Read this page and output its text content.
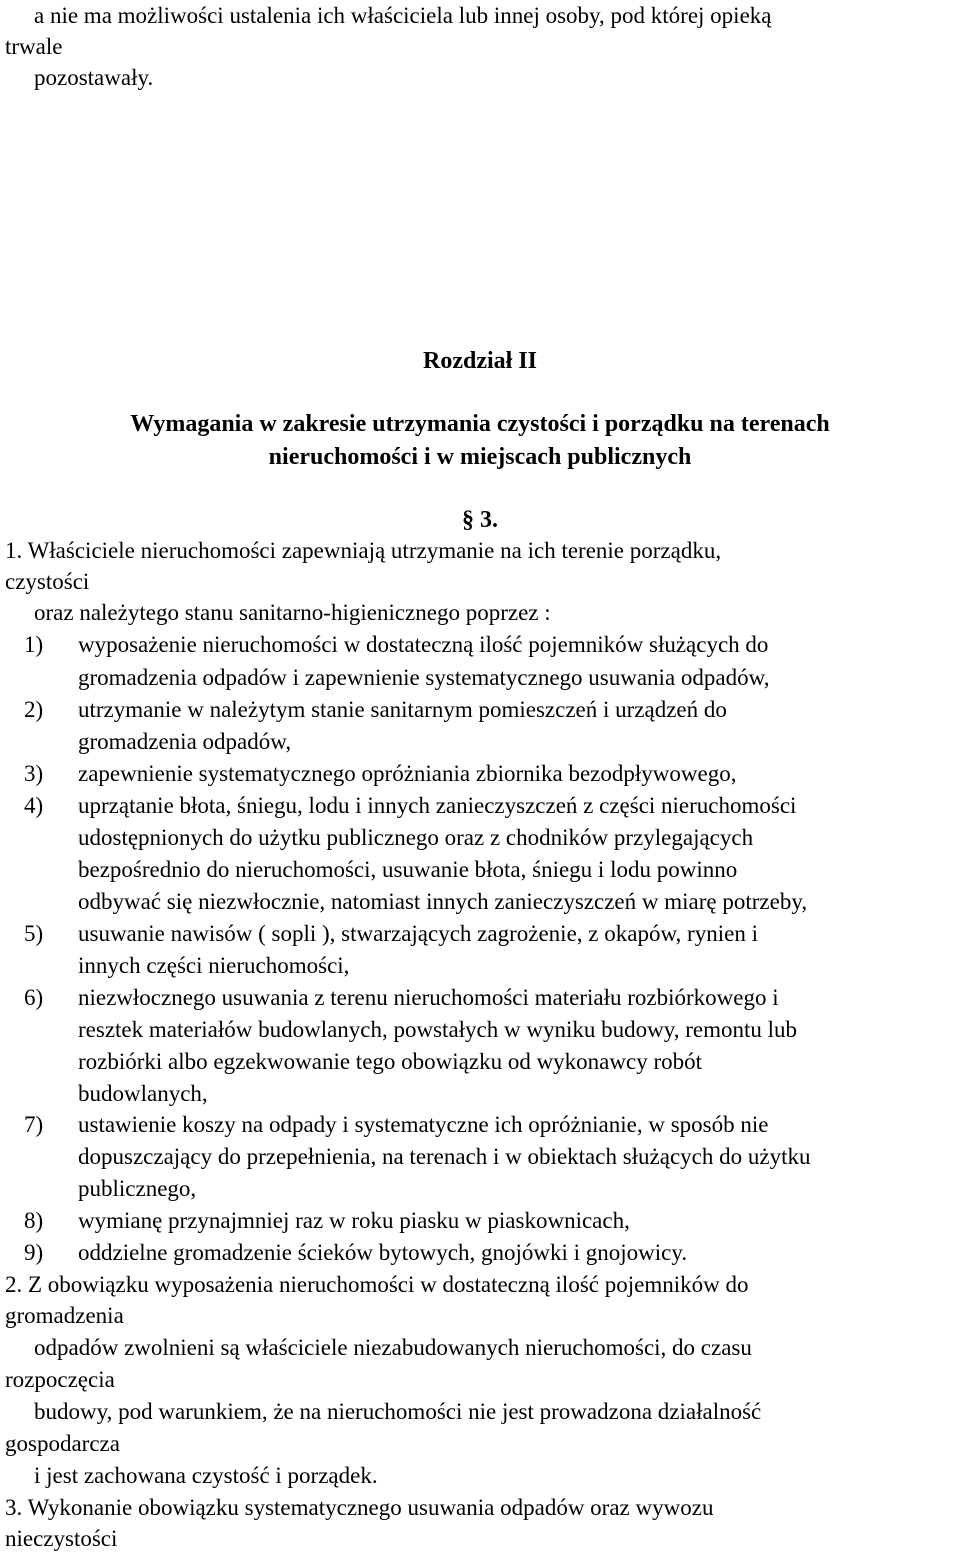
a nie ma możliwości ustalenia ich właściciela lub innej osoby, pod której opieką
trwale
pozostawały.
Rozdział II
Wymagania w zakresie utrzymania czystości i porządku na terenach
nieruchomości i w miejscach publicznych
§ 3.
1. Właściciele nieruchomości zapewniają utrzymanie na ich terenie porządku,
czystości
oraz należytego stanu sanitarno-higienicznego poprzez :
1)	wyposażenie nieruchomości w dostateczną ilość pojemników służących do
gromadzenia odpadów i zapewnienie systematycznego usuwania odpadów,
2)	utrzymanie w należytym stanie sanitarnym pomieszczeń i urządzeń do
gromadzenia odpadów,
3)	zapewnienie systematycznego opróżniania zbiornika bezodpływowego,
4)	uprzątanie błota, śniegu, lodu i innych zanieczyszczeń z części nieruchomości
udostępnionych do użytku publicznego oraz z chodników przylegających
bezpośrednio do nieruchomości, usuwanie błota, śniegu i lodu powinno
odbywać się niezwłocznie, natomiast innych zanieczyszczeń w miarę potrzeby,
5)	usuwanie nawisów ( sopli ), stwarzających zagrożenie, z okapów, rynien i
innych części nieruchomości,
6)	niezwłocznego usuwania z terenu nieruchomości materiału rozbiórkowego i
resztek materiałów budowlanych, powstałych w wyniku budowy, remontu lub
rozbiórki albo egzekwowanie tego obowiązku od wykonawcy robót
budowlanych,
7)	ustawienie koszy na odpady i systematyczne ich opróżnianie, w sposób nie
dopuszczający do przepełnienia, na terenach i w obiektach służących do użytku
publicznego,
8)	wymianę przynajmniej raz w roku piasku w piaskownicach,
9)	oddzielne gromadzenie ścieków bytowych, gnojówki i gnojowicy.
2. Z obowiązku wyposażenia nieruchomości w dostateczną ilość pojemników do
gromadzenia
odpadów zwolnieni są właściciele niezabudowanych nieruchomości, do czasu
rozpoczęcia
budowy, pod warunkiem, że na nieruchomości nie jest prowadzona działalność
gospodarcza
i jest zachowana czystość i porządek.
3. Wykonanie obowiązku systematycznego usuwania odpadów oraz wywozu
nieczystości
